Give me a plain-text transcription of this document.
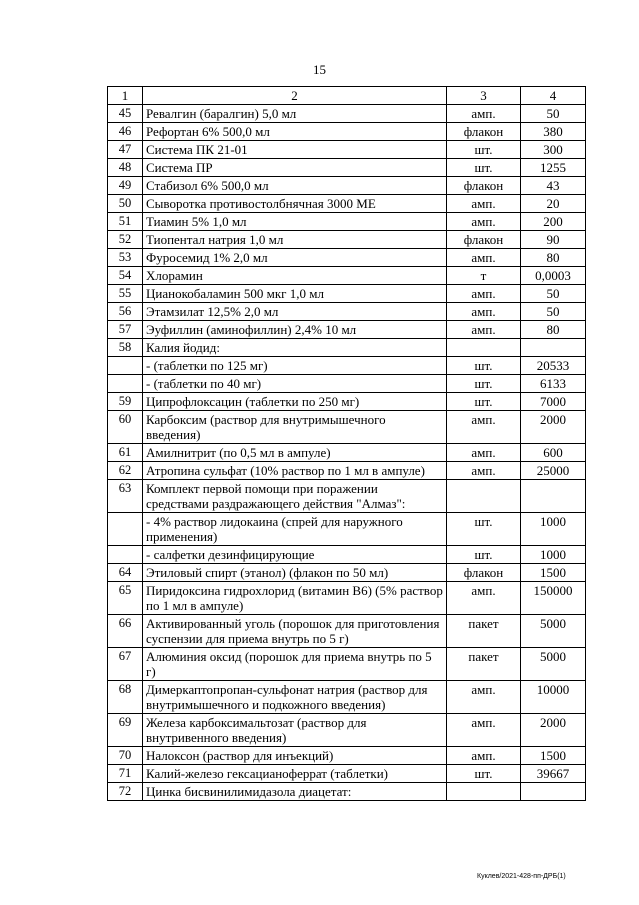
15
1	2	3	4
45	Ревалгин (баралгин) 5,0 мл	амп.	50
46	Рефортан 6% 500,0 мл	флакон	380
47	Система ПК 21-01	шт.	300
48	Система ПР	шт.	1255
49	Стабизол 6% 500,0 мл	флакон	43
50	Сыворотка противостолбнячная 3000 МЕ	амп.	20
51	Тиамин 5% 1,0 мл	амп.	200
52	Тиопентал натрия 1,0 мл	флакон	90
53	Фуросемид 1% 2,0 мл	амп.	80
54	Хлорамин	т	0,0003
55	Цианокобаламин 500 мкг 1,0 мл	амп.	50
56	Этамзилат 12,5% 2,0 мл	амп.	50
57	Эуфиллин (аминофиллин) 2,4% 10 мл	амп.	80
58	Калия йодид:		
	- (таблетки по 125 мг)	шт.	20533
	- (таблетки по 40 мг)	шт.	6133
59	Ципрофлоксацин (таблетки по 250 мг)	шт.	7000
60	Карбоксим (раствор для внутримышечного введения)	амп.	2000
61	Амилнитрит (по 0,5 мл в ампуле)	амп.	600
62	Атропина сульфат (10% раствор по 1 мл в ампуле)	амп.	25000
63	Комплект первой помощи при поражении средствами раздражающего действия "Алмаз":		
	- 4% раствор лидокаина (спрей для наружного применения)	шт.	1000
	- салфетки дезинфицирующие	шт.	1000
64	Этиловый спирт (этанол) (флакон по 50 мл)	флакон	1500
65	Пиридоксина гидрохлорид (витамин В6) (5% раствор по 1 мл в ампуле)	амп.	150000
66	Активированный уголь (порошок для приготовления
суспензии для приема внутрь по 5 г)	пакет	5000
67	Алюминия оксид (порошок для приема внутрь по 5 г)	пакет	5000
68	Димеркаптопропан-сульфонат натрия (раствор для внутримышечного и подкожного введения)	амп.	10000
69	Железа карбоксимальтозат (раствор для внутривенного введения)	амп.	2000
70	Налоксон (раствор для инъекций)	амп.	1500
71	Калий-железо гексацианоферрат (таблетки)	шт.	39667
72	Цинка бисвинилимидазола диацетат:		
Куклев/2021-428-пп-ДРБ(1)
